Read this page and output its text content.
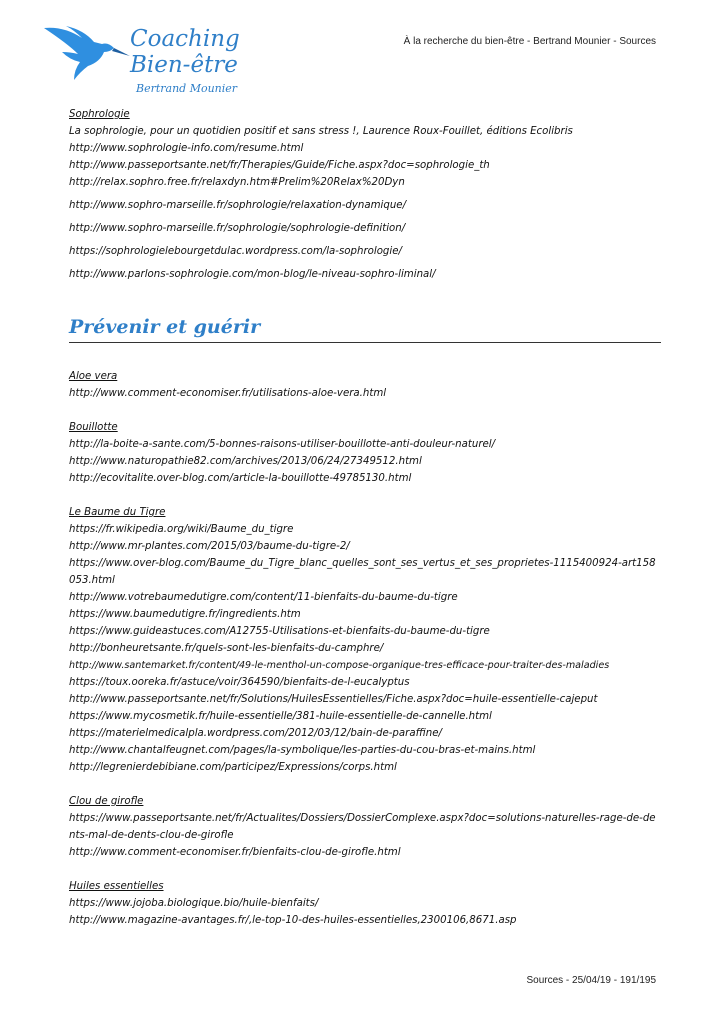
Coaching
Bien-être
Bertrand Mounier
À la recherche du bien-être - Bertrand Mounier - Sources
Sophrologie
La sophrologie, pour un quotidien positif et sans stress !, Laurence Roux-Fouillet, éditions Ecolibris
http://www.sophrologie-info.com/resume.html
http://www.passeportsante.net/fr/Therapies/Guide/Fiche.aspx?doc=sophrologie_th
http://relax.sophro.free.fr/relaxdyn.htm#Prelim%20Relax%20Dyn
http://www.sophro-marseille.fr/sophrologie/relaxation-dynamique/
http://www.sophro-marseille.fr/sophrologie/sophrologie-definition/
https://sophrologielebourgetdulac.wordpress.com/la-sophrologie/
http://www.parlons-sophrologie.com/mon-blog/le-niveau-sophro-liminal/
Prévenir et guérir
Aloe vera
http://www.comment-economiser.fr/utilisations-aloe-vera.html
Bouillotte
http://la-boite-a-sante.com/5-bonnes-raisons-utiliser-bouillotte-anti-douleur-naturel/
http://www.naturopathie82.com/archives/2013/06/24/27349512.html
http://ecovitalite.over-blog.com/article-la-bouillotte-49785130.html
Le Baume du Tigre
https://fr.wikipedia.org/wiki/Baume_du_tigre
http://www.mr-plantes.com/2015/03/baume-du-tigre-2/
https://www.over-blog.com/Baume_du_Tigre_blanc_quelles_sont_ses_vertus_et_ses_proprietes-1115400924-art158053.html
http://www.votrebaumedutigre.com/content/11-bienfaits-du-baume-du-tigre
https://www.baumedutigre.fr/ingredients.htm
https://www.guideastuces.com/A12755-Utilisations-et-bienfaits-du-baume-du-tigre
http://bonheuretsante.fr/quels-sont-les-bienfaits-du-camphre/
http://www.santemarket.fr/content/49-le-menthol-un-compose-organique-tres-efficace-pour-traiter-des-maladies
https://toux.ooreka.fr/astuce/voir/364590/bienfaits-de-l-eucalyptus
http://www.passeportsante.net/fr/Solutions/HuilesEssentielles/Fiche.aspx?doc=huile-essentielle-cajeput
https://www.mycosmetik.fr/huile-essentielle/381-huile-essentielle-de-cannelle.html
https://materielmedicalpla.wordpress.com/2012/03/12/bain-de-paraffine/
http://www.chantalfeugnet.com/pages/la-symbolique/les-parties-du-cou-bras-et-mains.html
http://legrenierdebibiane.com/participez/Expressions/corps.html
Clou de girofle
https://www.passeportsante.net/fr/Actualites/Dossiers/DossierComplexe.aspx?doc=solutions-naturelles-rage-de-dents-mal-de-dents-clou-de-girofle
http://www.comment-economiser.fr/bienfaits-clou-de-girofle.html
Huiles essentielles
https://www.jojoba.biologique.bio/huile-bienfaits/
http://www.magazine-avantages.fr/,le-top-10-des-huiles-essentielles,2300106,8671.asp
Sources - 25/04/19 - 191/195
